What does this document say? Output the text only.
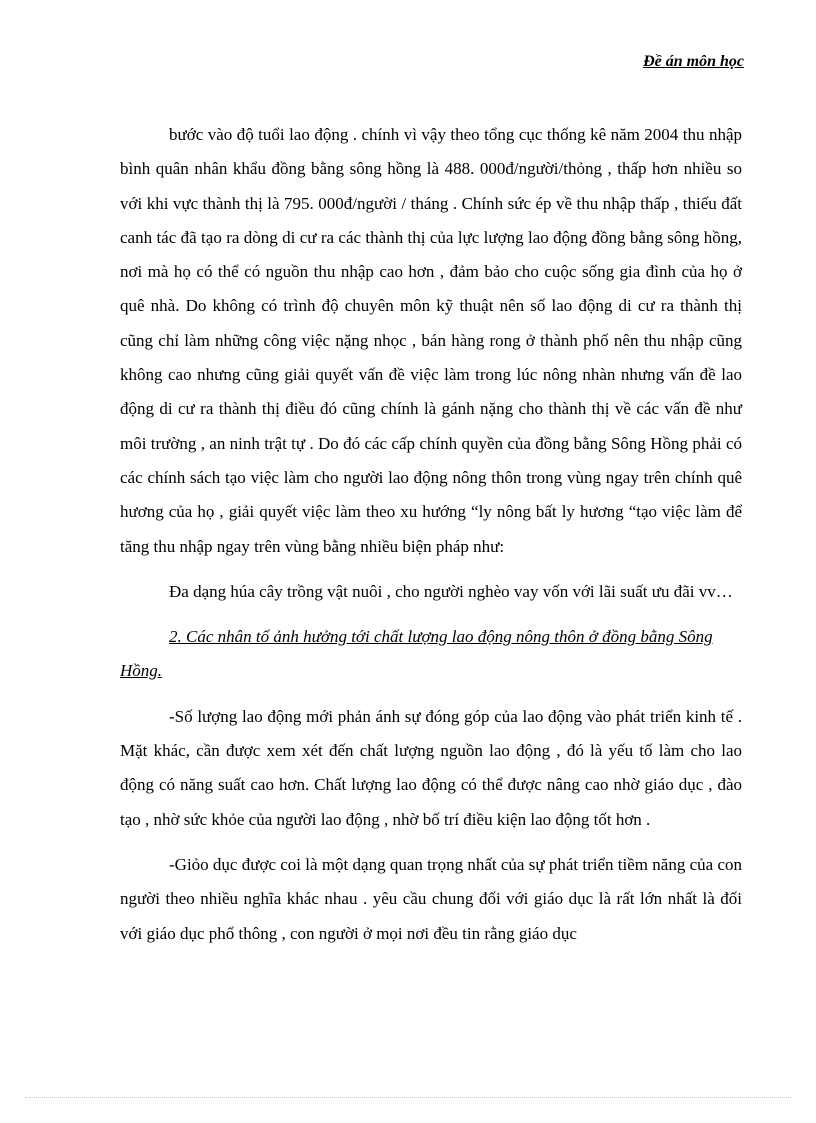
Đề án môn học

bước vào độ tuổi lao động . chính vì vậy theo tổng cục thống kê năm 2004 thu nhập bình quân nhân khẩu đồng bằng sông hồng là 488. 000đ/người/thỏng , thấp hơn nhiều so với khi vực thành thị là 795. 000đ/người / tháng . Chính sức ép về thu nhập thấp , thiếu đất canh tác đã tạo ra dòng di cư ra các thành thị của lực lượng lao động đồng bằng sông hồng, nơi mà họ có thể có nguồn thu nhập cao hơn , đảm bảo cho cuộc sống gia đình của họ ở quê nhà. Do không có trình độ chuyên môn kỹ thuật nên số lao động di cư ra thành thị cũng chỉ làm những công việc nặng nhọc , bán hàng rong ở thành phố nên thu nhập cũng không cao nhưng cũng giải quyết vấn đề việc làm trong lúc nông nhàn nhưng vấn đề lao động di cư ra thành thị điều đó cũng chính là gánh nặng cho thành thị về các vấn đề như môi trường , an ninh trật tự . Do đó các cấp chính quyền của đồng bằng Sông Hồng phải có các chính sách tạo việc làm cho người lao động nông thôn trong vùng ngay trên chính quê hương của họ , giải quyết việc làm theo xu hướng “ly nông bất ly hương “tạo việc làm để tăng thu nhập ngay trên vùng bằng nhiều biện pháp như:

Đa dạng húa cây trồng vật nuôi , cho người nghèo vay vốn với lãi suất ưu đãi vv…

2. Các nhân tố ảnh hưởng tới chất lượng lao động nông thôn ở đồng bằng Sông Hồng.

-Số lượng lao động mới phản ánh sự đóng góp của lao động vào phát triển kinh tế . Mặt khác, cần được xem xét đến chất lượng nguồn lao động , đó là yếu tố làm cho lao động có năng suất cao hơn. Chất lượng lao động có thể được nâng cao nhờ giáo dục , đào tạo , nhờ sức khỏe của người lao động , nhờ bố trí điều kiện lao động tốt hơn .

-Giỏo dục được coi là một dạng quan trọng nhất của sự phát triển tiềm năng của con người theo nhiều nghĩa khác nhau . yêu cầu chung đối với giáo dục là rất lớn nhất là đối với giáo dục phổ thông , con người ở mọi nơi đều tin rằng giáo dục
